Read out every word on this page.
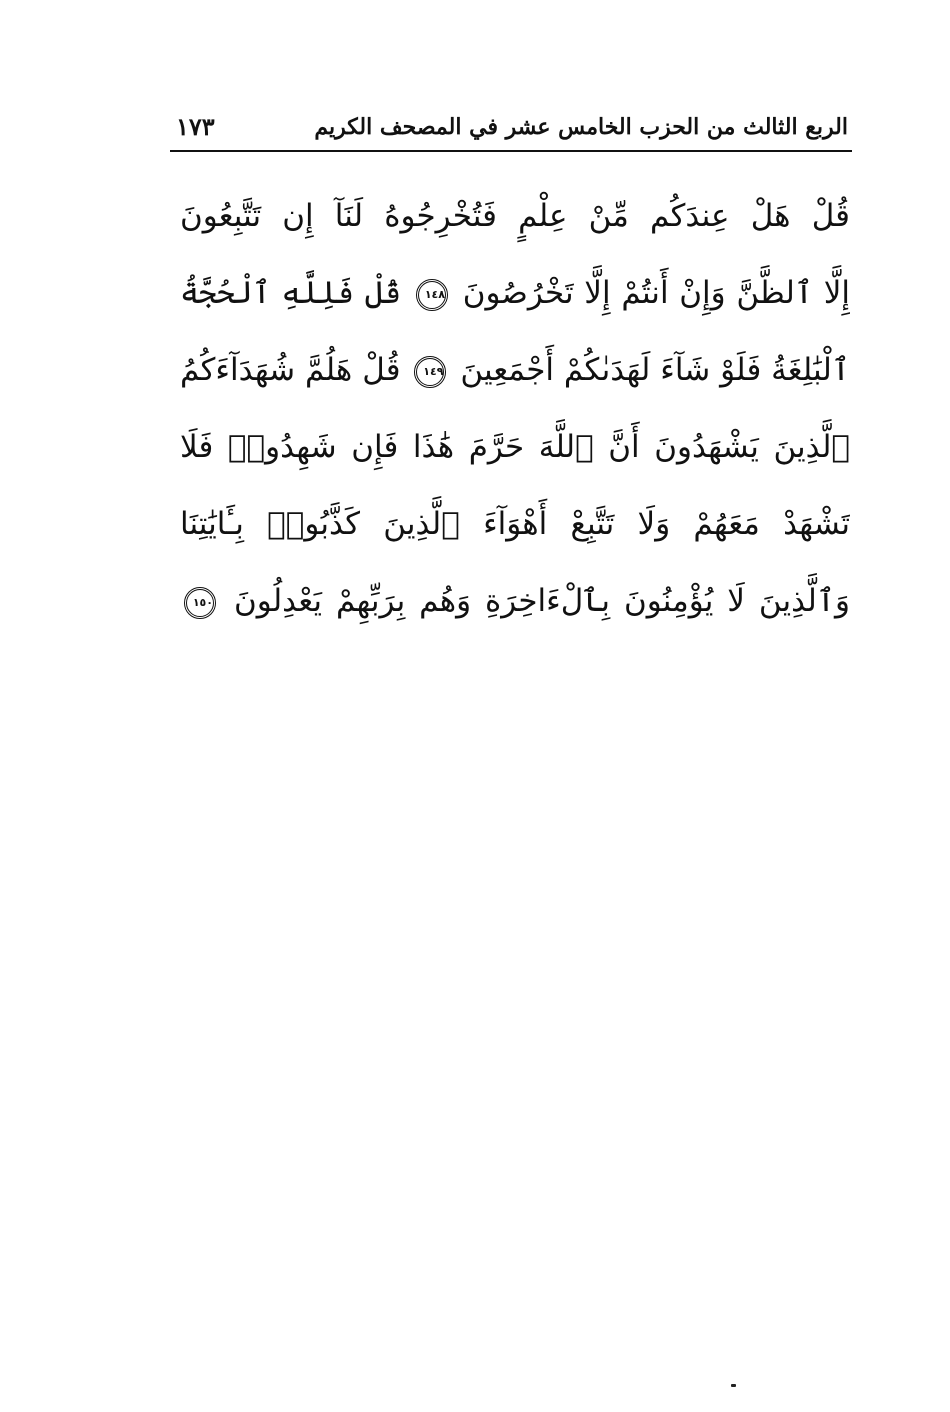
الربع الثالث من الحزب الخامس عشر في المصحف الكريم
١٧٣
قُلْ هَلْ عِندَكُم مِّنْ عِلْمٍ فَتُخْرِجُوهُ لَنَآ إِن تَتَّبِعُونَ
إِلَّا ٱلظَّنَّ وَإِنْ أَنتُمْ إِلَّا تَخْرُصُونَ ١٤٨ قُلْ فَلِلَّهِ ٱلْحُجَّةُ
ٱلْبَٰلِغَةُ فَلَوْ شَآءَ لَهَدَىٰكُمْ أَجْمَعِينَ ١٤٩ قُلْ هَلُمَّ شُهَدَآءَكُمُ
ٱلَّذِينَ يَشْهَدُونَ أَنَّ ٱللَّهَ حَرَّمَ هَٰذَا فَإِن شَهِدُوا۟ فَلَا
تَشْهَدْ مَعَهُمْ وَلَا تَتَّبِعْ أَهْوَآءَ ٱلَّذِينَ كَذَّبُوا۟ بِـَٔايَٰتِنَا
وَٱلَّذِينَ لَا يُؤْمِنُونَ بِٱلْءَاخِرَةِ وَهُم بِرَبِّهِمْ يَعْدِلُونَ ١٥٠
